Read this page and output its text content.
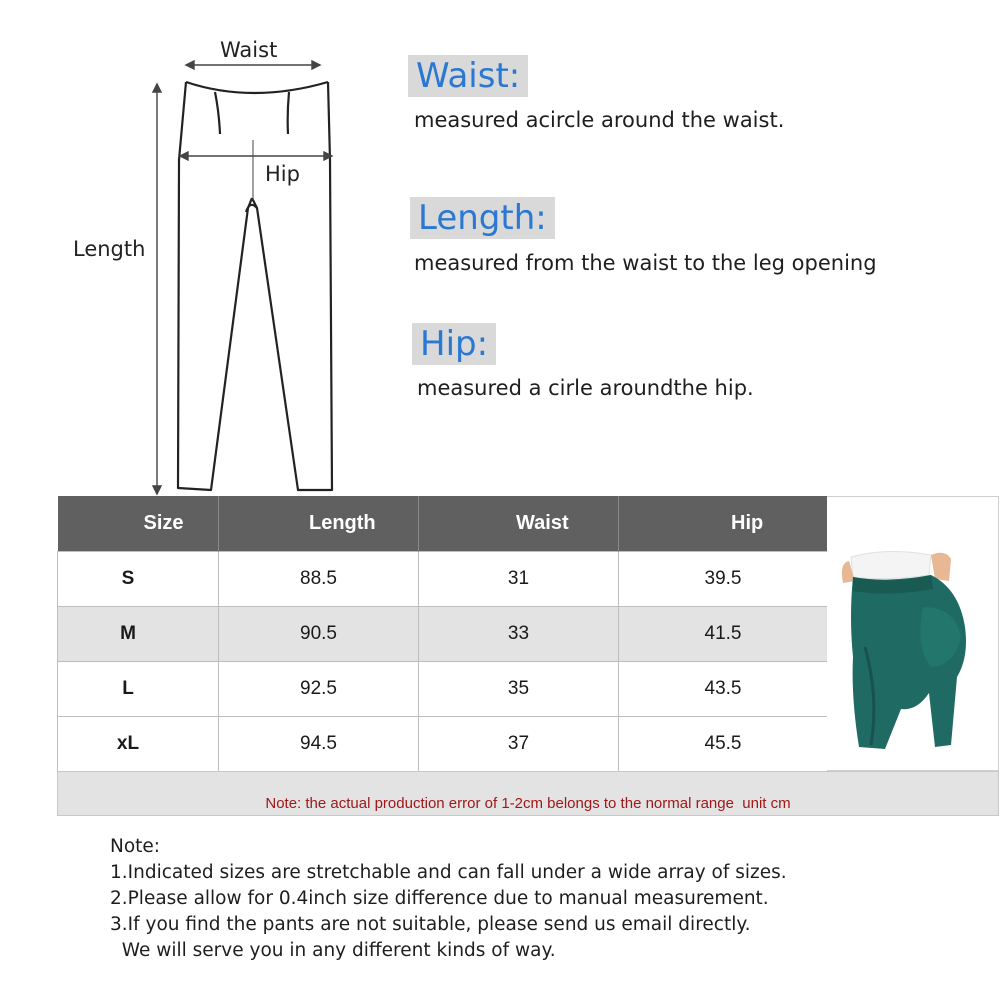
Waist
Hip
Length
Waist:
measured acircle around the waist.
Length:
measured from the waist to the leg opening
Hip:
measured a cirle aroundthe hip.
Size	Length	Waist	Hip
S	88.5	31	39.5
M	90.5	33	41.5
L	92.5	35	43.5
xL	94.5	37	45.5
Note: the actual production error of 1-2cm belongs to the normal range  unit cm
Note:
1.Indicated sizes are stretchable and can fall under a wide array of sizes.
2.Please allow for 0.4inch size difference due to manual measurement.
3.If you find the pants are not suitable, please send us email directly.
We will serve you in any different kinds of way.
